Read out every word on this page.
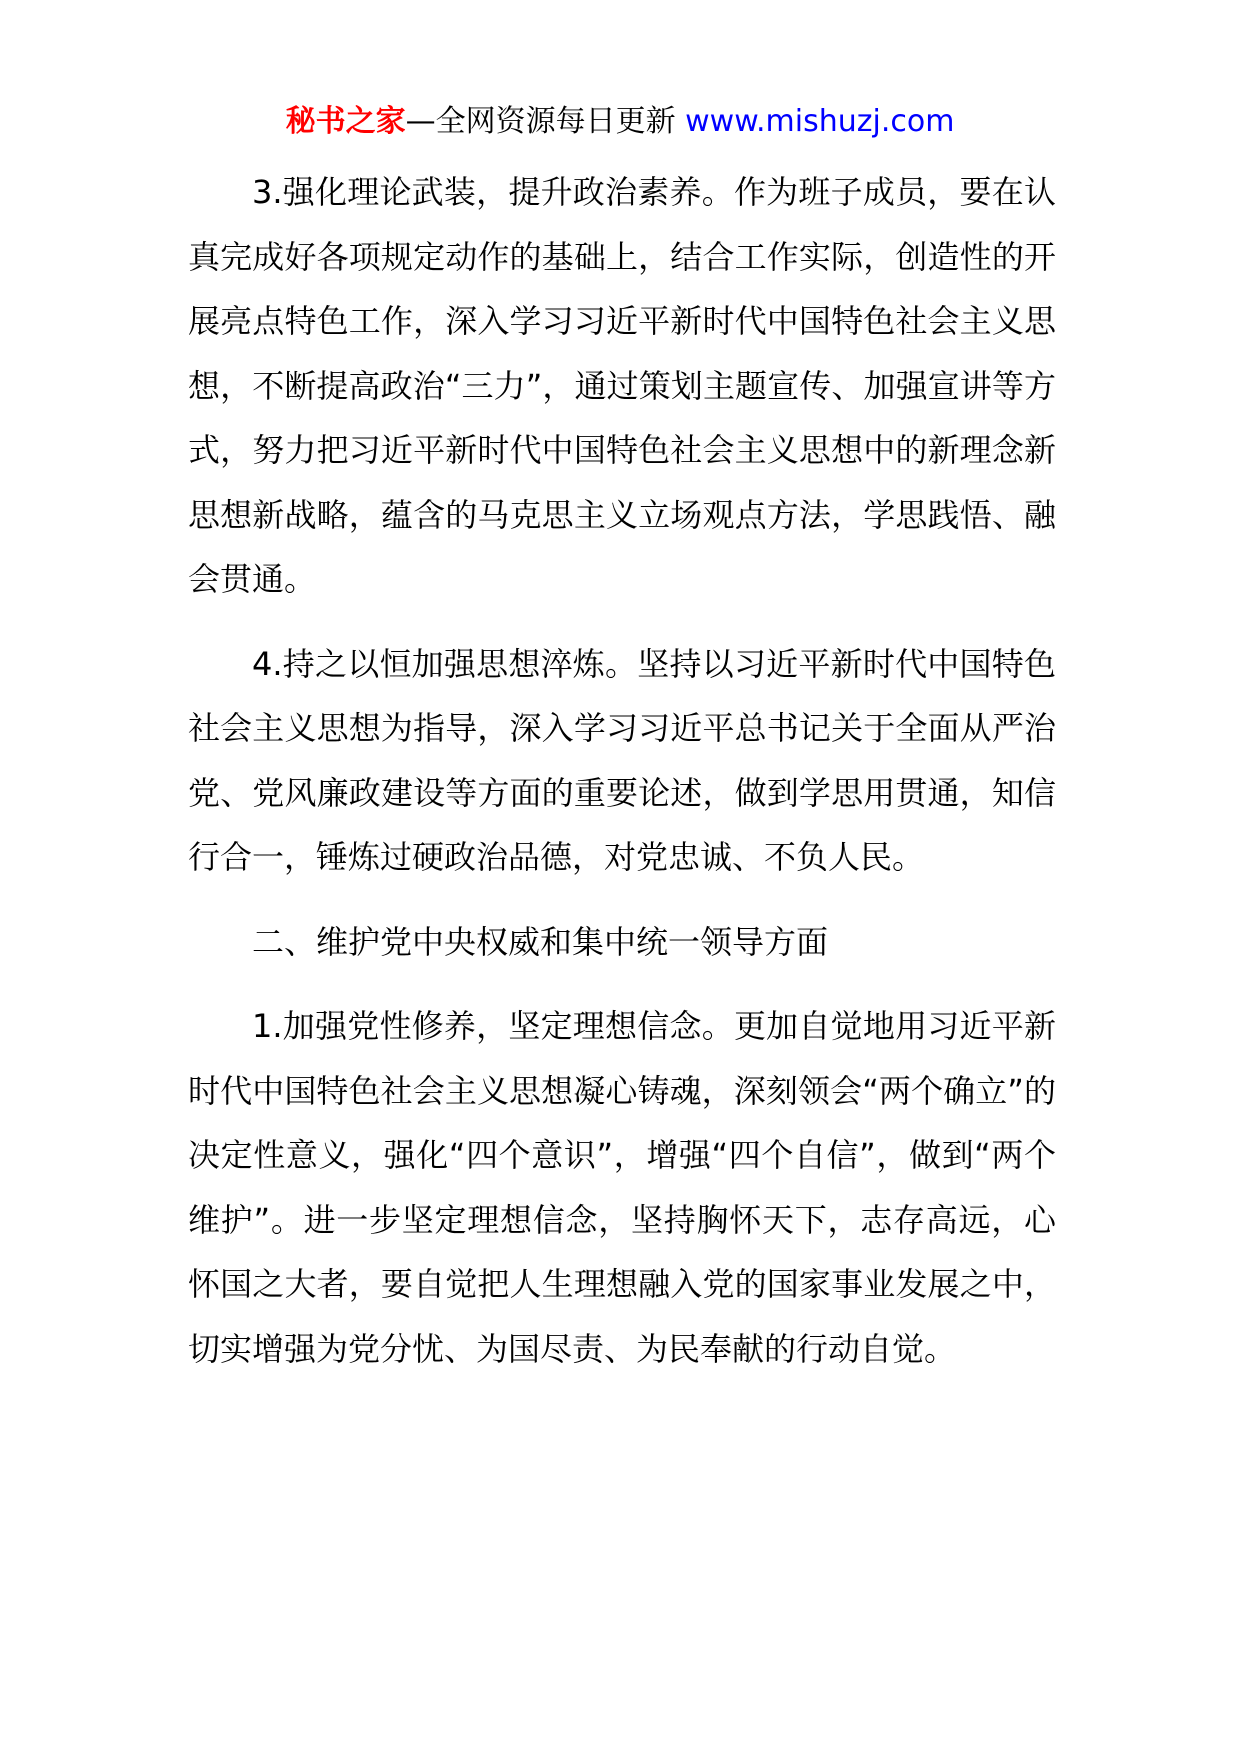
秘书之家—全网资源每日更新 www.mishuzj.com

3.强化理论武装，提升政治素养。作为班子成员，要在认真完成好各项规定动作的基础上，结合工作实际，创造性的开展亮点特色工作，深入学习习近平新时代中国特色社会主义思想，不断提高政治“三力”，通过策划主题宣传、加强宣讲等方式，努力把习近平新时代中国特色社会主义思想中的新理念新思想新战略，蕴含的马克思主义立场观点方法，学思践悟、融会贯通。

4.持之以恒加强思想淬炼。坚持以习近平新时代中国特色社会主义思想为指导，深入学习习近平总书记关于全面从严治党、党风廉政建设等方面的重要论述，做到学思用贯通，知信行合一，锤炼过硬政治品德，对党忠诚、不负人民。

二、维护党中央权威和集中统一领导方面

1.加强党性修养，坚定理想信念。更加自觉地用习近平新时代中国特色社会主义思想凝心铸魂，深刻领会“两个确立”的决定性意义，强化“四个意识”，增强“四个自信”，做到“两个维护”。进一步坚定理想信念，坚持胸怀天下，志存高远，心怀国之大者，要自觉把人生理想融入党的国家事业发展之中，切实增强为党分忧、为国尽责、为民奉献的行动自觉。
